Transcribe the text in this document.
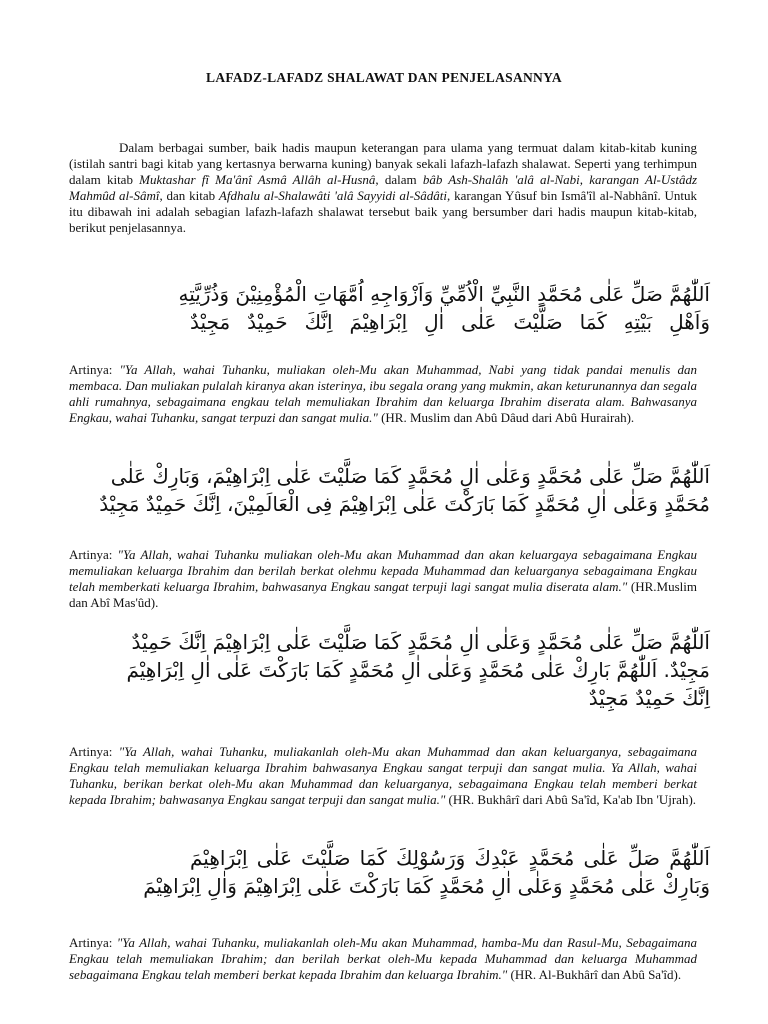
LAFADZ-LAFADZ SHALAWAT DAN PENJELASANNYA

Dalam berbagai sumber, baik hadis maupun keterangan para ulama yang termuat dalam kitab-kitab kuning (istilah santri bagi kitab yang kertasnya berwarna kuning) banyak sekali lafazh-lafazh shalawat. Seperti yang terhimpun dalam kitab Muktashar fî Ma'ânî Asmâ Allâh al-Husnâ, dalam bâb Ash-Shalâh 'alâ al-Nabi, karangan Al-Ustâdz Mahmûd al-Sâmî, dan kitab Afdhalu al-Shalawâti 'alâ Sayyidi al-Sâdâti, karangan Yûsuf bin Ismâ'îl al-Nabhânî. Untuk itu dibawah ini adalah sebagian lafazh-lafazh shalawat tersebut baik yang bersumber dari hadis maupun kitab-kitab, berikut penjelasannya.

اَللّٰهُمَّ صَلِّ عَلٰى مُحَمَّدٍ النَّبِيِّ الْاُمِّيِّ وَاَزْوَاجِهِ اُمَّهَاتِ الْمُؤْمِنِيْنَ وَذُرِّيَّتِهِ
وَاَهْلِ بَيْتِهِ كَمَا صَلَّيْتَ عَلٰى اٰلِ اِبْرَاهِيْمَ اِنَّكَ حَمِيْدٌ مَجِيْدٌ

Artinya: "Ya Allah, wahai Tuhanku, muliakan oleh-Mu akan Muhammad, Nabi yang tidak pandai menulis dan membaca. Dan muliakan pulalah kiranya akan isterinya, ibu segala orang yang mukmin, akan keturunannya dan segala ahli rumahnya, sebagaimana engkau telah memuliakan Ibrahim dan keluarga Ibrahim diserata alam. Bahwasanya Engkau, wahai Tuhanku, sangat terpuzi dan sangat mulia." (HR. Muslim dan Abû Dâud dari Abû Hurairah).

اَللّٰهُمَّ صَلِّ عَلٰى مُحَمَّدٍ وَعَلٰى اٰلِ مُحَمَّدٍ كَمَا صَلَّيْتَ عَلٰى اِبْرَاهِيْمَ، وَبَارِكْ عَلٰى
مُحَمَّدٍ وَعَلٰى اٰلِ مُحَمَّدٍ كَمَا بَارَكْتَ عَلٰى اِبْرَاهِيْمَ فِى الْعَالَمِيْنَ، اِنَّكَ حَمِيْدٌ مَجِيْدٌ

Artinya: "Ya Allah, wahai Tuhanku muliakan oleh-Mu akan Muhammad dan akan keluargaya sebagaimana Engkau memuliakan keluarga Ibrahim dan berilah berkat olehmu kepada Muhammad dan keluarganya sebagaimana Engkau telah memberkati keluarga Ibrahim, bahwasanya Engkau sangat terpuji lagi sangat mulia diserata alam." (HR.Muslim dan Abî Mas'ûd).

اَللّٰهُمَّ صَلِّ عَلٰى مُحَمَّدٍ وَعَلٰى اٰلِ مُحَمَّدٍ كَمَا صَلَّيْتَ عَلٰى اِبْرَاهِيْمَ اِنَّكَ حَمِيْدٌ
مَجِيْدٌ. اَللّٰهُمَّ بَارِكْ عَلٰى مُحَمَّدٍ وَعَلٰى اٰلِ مُحَمَّدٍ كَمَا بَارَكْتَ عَلٰى اٰلِ اِبْرَاهِيْمَ
اِنَّكَ حَمِيْدٌ مَجِيْدٌ

Artinya: "Ya Allah, wahai Tuhanku, muliakanlah oleh-Mu akan Muhammad dan akan keluarganya, sebagaimana Engkau telah memuliakan keluarga Ibrahim bahwasanya Engkau sangat terpuji dan sangat mulia. Ya Allah, wahai Tuhanku, berikan berkat oleh-Mu akan Muhammad dan keluarganya, sebagaimana Engkau telah memberi berkat kepada Ibrahim; bahwasanya Engkau sangat terpuji dan sangat mulia." (HR. Bukhârî dari Abû Sa'îd, Ka'ab Ibn 'Ujrah).

اَللّٰهُمَّ صَلِّ عَلٰى مُحَمَّدٍ عَبْدِكَ وَرَسُوْلِكَ كَمَا صَلَّيْتَ عَلٰى اِبْرَاهِيْمَ
وَبَارِكْ عَلٰى مُحَمَّدٍ وَعَلٰى اٰلِ مُحَمَّدٍ كَمَا بَارَكْتَ عَلٰى اِبْرَاهِيْمَ وَاٰلِ اِبْرَاهِيْمَ

Artinya: "Ya Allah, wahai Tuhanku, muliakanlah oleh-Mu akan Muhammad, hamba-Mu dan Rasul-Mu, Sebagaimana Engkau telah memuliakan Ibrahim; dan berilah berkat oleh-Mu kepada Muhammad dan keluarga Muhammad sebagaimana Engkau telah memberi berkat kepada Ibrahim dan keluarga Ibrahim." (HR. Al-Bukhârî dan Abû Sa'îd).
